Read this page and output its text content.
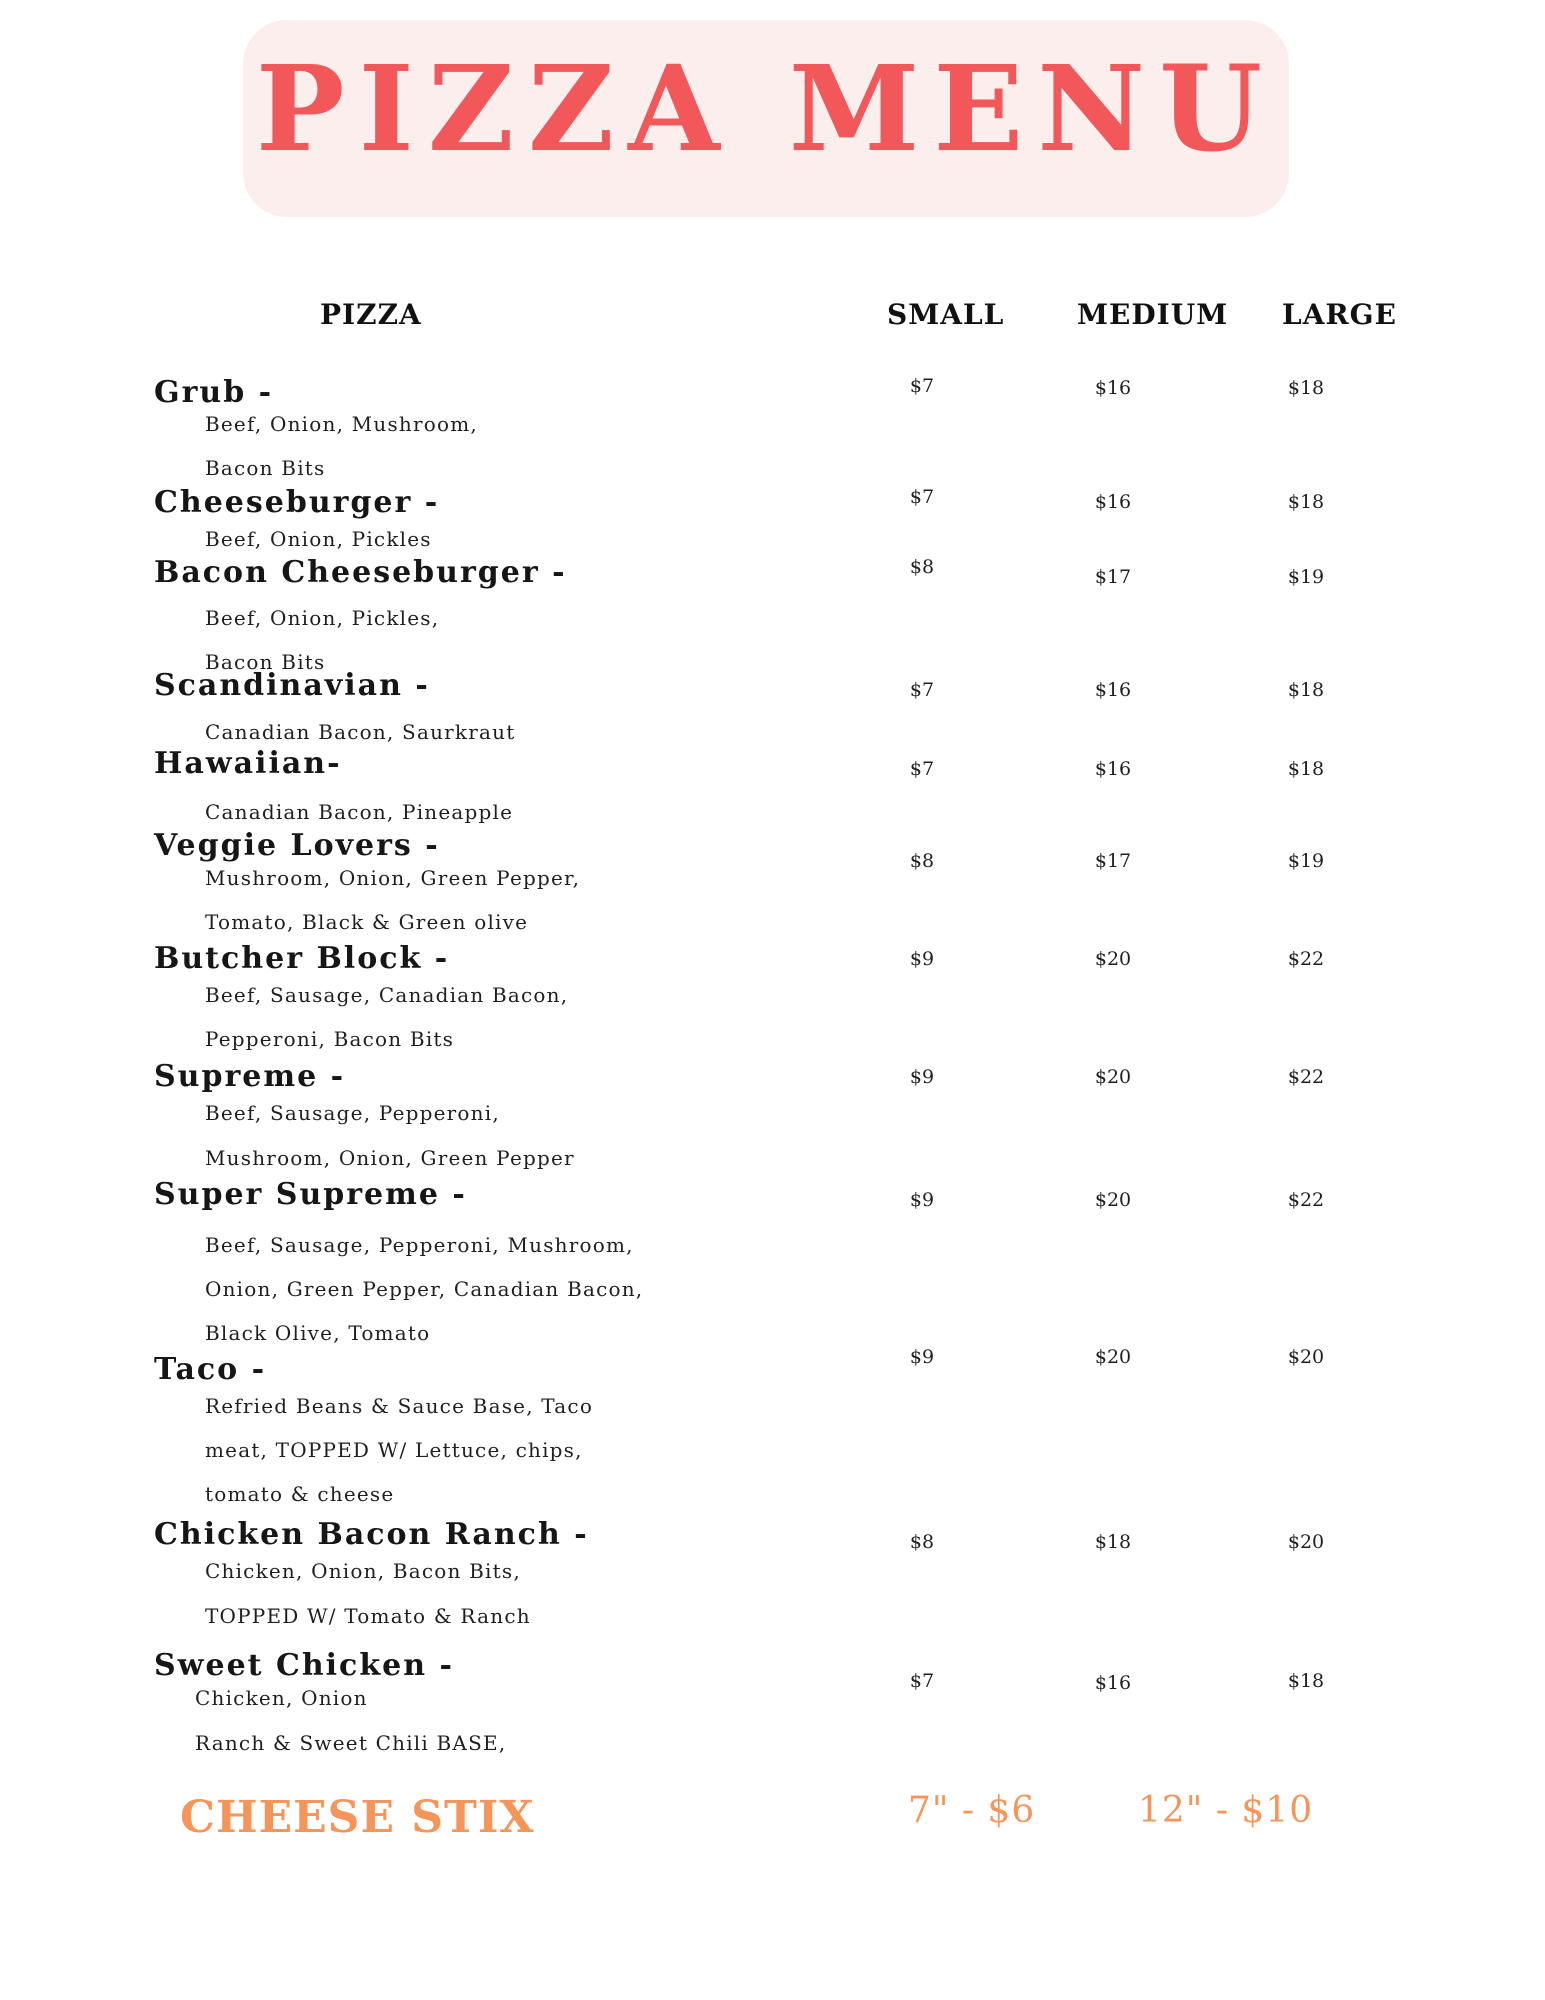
PIZZA MENU
PIZZA	SMALL	MEDIUM LARGE
Grub -
Beef, Onion, Mushroom,
Bacon Bits
$7	$16	$18
Cheeseburger -
Beef, Onion, Pickles
$7	$16	$18
Bacon Cheeseburger -
Beef, Onion, Pickles,
Bacon Bits
$8	$17	$19
Scandinavian -
Canadian Bacon, Saurkraut
$7	$16	$18
Hawaiian-
Canadian Bacon, Pineapple
$7	$16	$18
Veggie Lovers -
Mushroom, Onion, Green Pepper,
Tomato, Black & Green olive
$8	$17	$19
Butcher Block -
Beef, Sausage, Canadian Bacon,
Pepperoni, Bacon Bits
$9	$20	$22
Supreme -
Beef, Sausage, Pepperoni,
Mushroom, Onion, Green Pepper
$9	$20	$22
Super Supreme -
Beef, Sausage, Pepperoni, Mushroom,
Onion, Green Pepper, Canadian Bacon,
Black Olive, Tomato
$9	$20	$22
Taco -
Refried Beans & Sauce Base, Taco
meat, TOPPED W/ Lettuce, chips,
tomato & cheese
$9	$20	$20
Chicken Bacon Ranch -
Chicken, Onion, Bacon Bits,
TOPPED W/ Tomato & Ranch
$8	$18	$20
Sweet Chicken -
Chicken, Onion
Ranch & Sweet Chili BASE,
$7	$16	$18
CHEESE STIX	7" - $6	12" - $10
